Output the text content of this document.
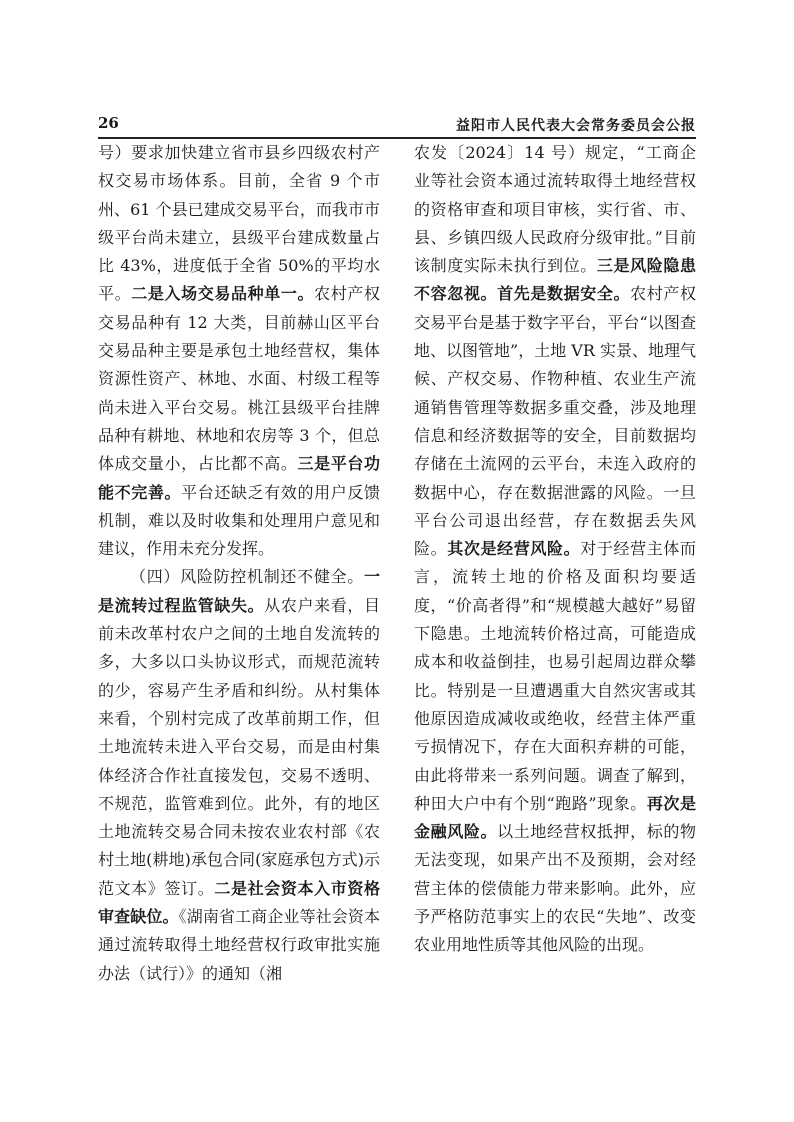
26	益阳市人民代表大会常务委员会公报

号）要求加快建立省市县乡四级农村产权交易市场体系。目前，全省 9 个市州、61 个县已建成交易平台，而我市市级平台尚未建立，县级平台建成数量占比 43%，进度低于全省 50%的平均水平。二是入场交易品种单一。农村产权交易品种有 12 大类，目前赫山区平台交易品种主要是承包土地经营权，集体资源性资产、林地、水面、村级工程等尚未进入平台交易。桃江县级平台挂牌品种有耕地、林地和农房等 3 个，但总体成交量小，占比都不高。三是平台功能不完善。平台还缺乏有效的用户反馈机制，难以及时收集和处理用户意见和建议，作用未充分发挥。

（四）风险防控机制还不健全。一是流转过程监管缺失。从农户来看，目前未改革村农户之间的土地自发流转的多，大多以口头协议形式，而规范流转的少，容易产生矛盾和纠纷。从村集体来看，个别村完成了改革前期工作，但土地流转未进入平台交易，而是由村集体经济合作社直接发包，交易不透明、不规范，监管难到位。此外，有的地区土地流转交易合同未按农业农村部《农村土地(耕地)承包合同(家庭承包方式)示范文本》签订。二是社会资本入市资格审查缺位。《湖南省工商企业等社会资本通过流转取得土地经营权行政审批实施办法（试行）》的通知（湘

农发〔2024〕14 号）规定，“工商企业等社会资本通过流转取得土地经营权的资格审查和项目审核，实行省、市、县、乡镇四级人民政府分级审批。”目前该制度实际未执行到位。三是风险隐患不容忽视。首先是数据安全。农村产权交易平台是基于数字平台，平台“以图查地、以图管地”，土地 VR 实景、地理气候、产权交易、作物种植、农业生产流通销售管理等数据多重交叠，涉及地理信息和经济数据等的安全，目前数据均存储在土流网的云平台，未连入政府的数据中心，存在数据泄露的风险。一旦平台公司退出经营，存在数据丢失风险。其次是经营风险。对于经营主体而言，流转土地的价格及面积均要适度，“价高者得”和“规模越大越好”易留下隐患。土地流转价格过高，可能造成成本和收益倒挂，也易引起周边群众攀比。特别是一旦遭遇重大自然灾害或其他原因造成减收或绝收，经营主体严重亏损情况下，存在大面积弃耕的可能，由此将带来一系列问题。调查了解到，种田大户中有个别“跑路”现象。再次是金融风险。以土地经营权抵押，标的物无法变现，如果产出不及预期，会对经营主体的偿债能力带来影响。此外，应予严格防范事实上的农民“失地”、改变农业用地性质等其他风险的出现。
